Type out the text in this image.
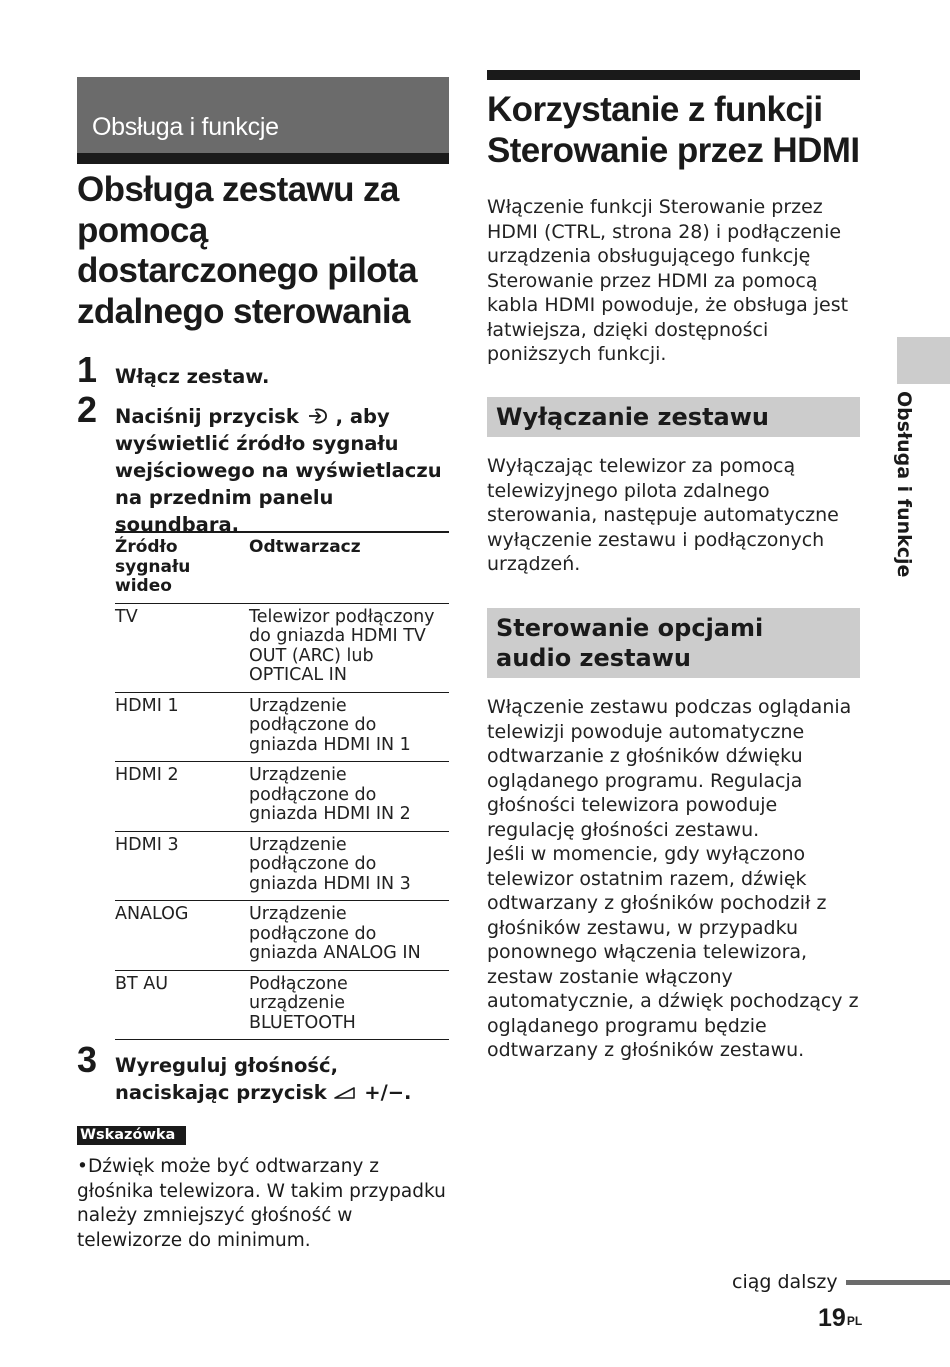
Obsługa i funkcje
Obsługa zestawu za pomocą dostarczonego pilota zdalnego sterowania
1 Włącz zestaw.
2 Naciśnij przycisk , aby wyświetlić źródło sygnału wejściowego na wyświetlaczu na przednim panelu soundbara.
Źródło sygnału wideo	Odtwarzacz
TV	Telewizor podłączony do gniazda HDMI TV OUT (ARC) lub OPTICAL IN
HDMI 1	Urządzenie podłączone do gniazda HDMI IN 1
HDMI 2	Urządzenie podłączone do gniazda HDMI IN 2
HDMI 3	Urządzenie podłączone do gniazda HDMI IN 3
ANALOG	Urządzenie podłączone do gniazda ANALOG IN
BT AU	Podłączone urządzenie BLUETOOTH
3 Wyreguluj głośność, naciskając przycisk  +/−.
Wskazówka
•Dźwięk może być odtwarzany z głośnika telewizora. W takim przypadku należy zmniejszyć głośność w telewizorze do minimum.
Korzystanie z funkcji Sterowanie przez HDMI
Włączenie funkcji Sterowanie przez HDMI (CTRL, strona 28) i podłączenie urządzenia obsługującego funkcję Sterowanie przez HDMI za pomocą kabla HDMI powoduje, że obsługa jest łatwiejsza, dzięki dostępności poniższych funkcji.
Wyłączanie zestawu
Wyłączając telewizor za pomocą telewizyjnego pilota zdalnego sterowania, następuje automatyczne wyłączenie zestawu i podłączonych urządzeń.
Sterowanie opcjami audio zestawu
Włączenie zestawu podczas oglądania telewizji powoduje automatyczne odtwarzanie z głośników dźwięku oglądanego programu. Regulacja głośności telewizora powoduje regulację głośności zestawu.
Jeśli w momencie, gdy wyłączono telewizor ostatnim razem, dźwięk odtwarzany z głośników pochodził z głośników zestawu, w przypadku ponownego włączenia telewizora, zestaw zostanie włączony automatycznie, a dźwięk pochodzący z oglądanego programu będzie odtwarzany z głośników zestawu.
Obsługa i funkcje
ciąg dalszy
$19^{PL}$
